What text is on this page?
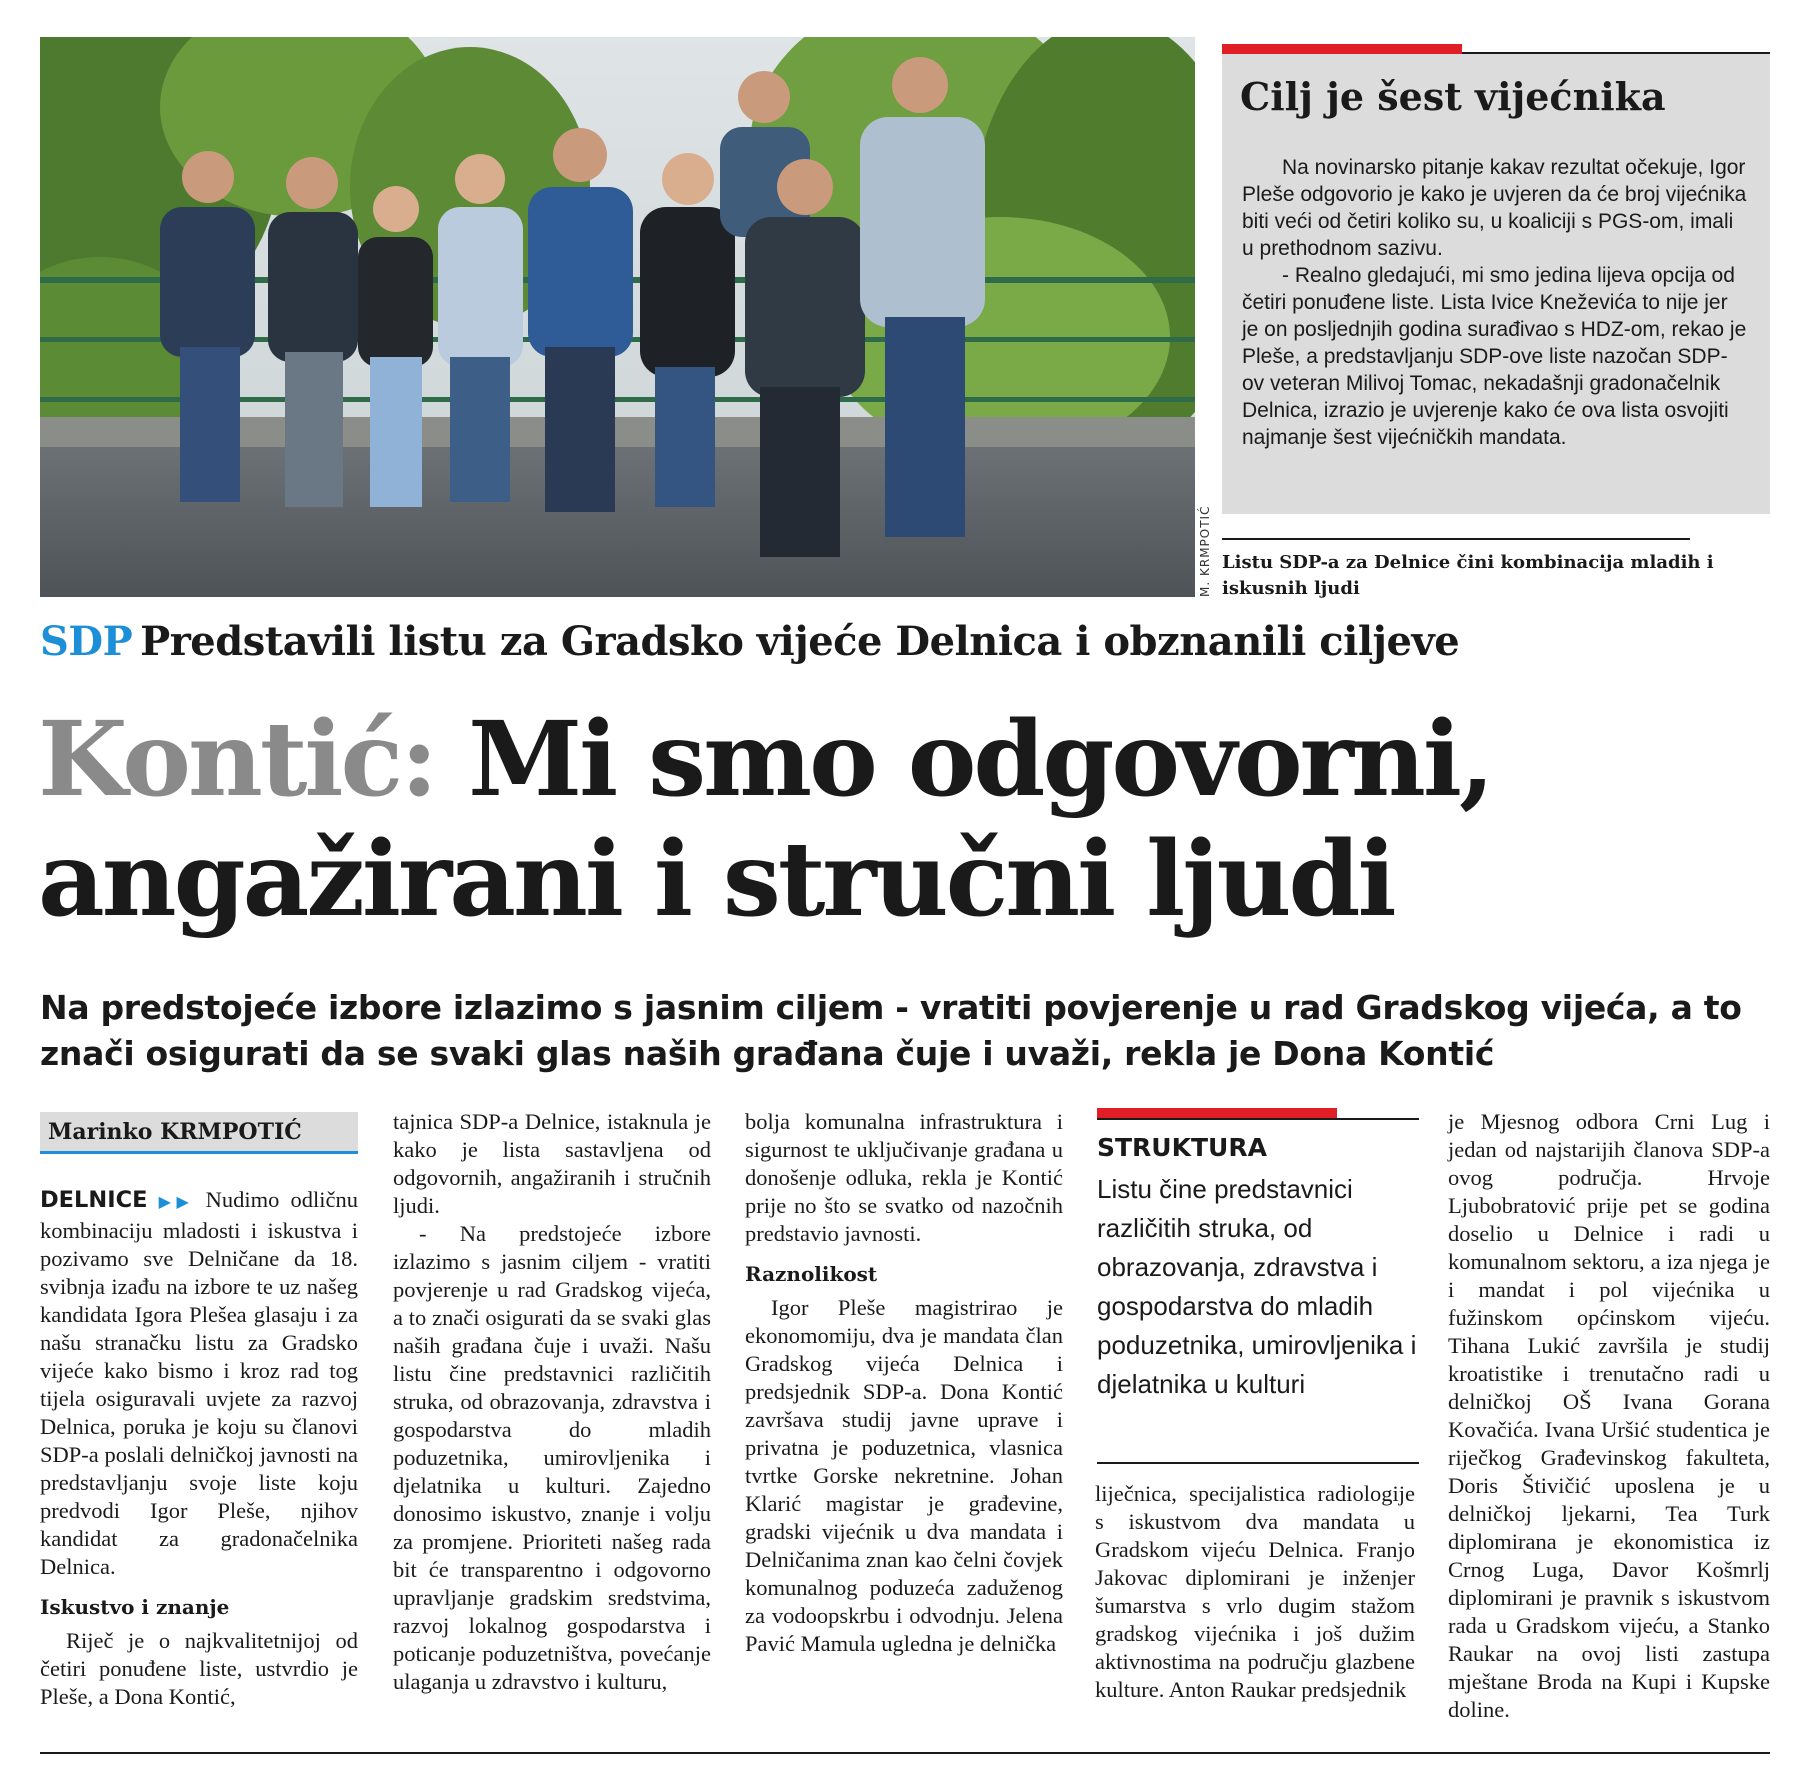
M. KRMPOTIĆ
Cilj je šest vijećnika

Na novinarsko pitanje kakav rezultat očekuje, Igor Pleše odgovorio je kako je uvjeren da će broj vijećnika biti veći od četiri koliko su, u koaliciji s PGS-om, imali u prethodnom sazivu.

- Realno gledajući, mi smo jedina lijeva opcija od četiri ponuđene liste. Lista Ivice Kneževića to nije jer je on posljednjih godina surađivao s HDZ-om, rekao je Pleše, a predstavljanju SDP-ove liste nazočan SDP-ov veteran Milivoj Tomac, nekadašnji gradonačelnik Delnica, izrazio je uvjerenje kako će ova lista osvojiti najmanje šest vijećničkih mandata.

Listu SDP-a za Delnice čini kombinacija mladih i iskusnih ljudi
SDP Predstavili listu za Gradsko vijeće Delnica i obznanili ciljeve
Kontić: Mi smo odgovorni,
angažirani i stručni ljudi
Na predstojeće izbore izlazimo s jasnim ciljem - vratiti povjerenje u rad Gradskog vijeća, a to znači osigurati da se svaki glas naših građana čuje i uvaži, rekla je Dona Kontić
Marinko KRMPOTIĆ

DELNICE ▶▶ Nudimo odličnu kombinaciju mladosti i iskustva i pozivamo sve Delničane da 18. svibnja izađu na izbore te uz našeg kandidata Igora Plešea glasaju i za našu stranačku listu za Gradsko vijeće kako bismo i kroz rad tog tijela osiguravali uvjete za razvoj Delnica, poruka je koju su članovi SDP-a poslali delničkoj javnosti na predstavljanju svoje liste koju predvodi Igor Pleše, njihov kandidat za gradonačelnika Delnica.

Iskustvo i znanje

Riječ je o najkvalitetnijoj od četiri ponuđene liste, ustvrdio je Pleše, a Dona Kontić,

tajnica SDP-a Delnice, istaknula je kako je lista sastavljena od odgovornih, angažiranih i stručnih ljudi.

- Na predstojeće izbore izlazimo s jasnim ciljem - vratiti povjerenje u rad Gradskog vijeća, a to znači osigurati da se svaki glas naših građana čuje i uvaži. Našu listu čine predstavnici različitih struka, od obrazovanja, zdravstva i gospodarstva do mladih poduzetnika, umirovljenika i djelatnika u kulturi. Zajedno donosimo iskustvo, znanje i volju za promjene. Prioriteti našeg rada bit će transparentno i odgovorno upravljanje gradskim sredstvima, razvoj lokalnog gospodarstva i poticanje poduzetništva, povećanje ulaganja u zdravstvo i kulturu,

bolja komunalna infrastruktura i sigurnost te uključivanje građana u donošenje odluka, rekla je Kontić prije no što se svatko od nazočnih predstavio javnosti.

Raznolikost

Igor Pleše magistrirao je ekonomomiju, dva je mandata član Gradskog vijeća Delnica i predsjednik SDP-a. Dona Kontić završava studij javne uprave i privatna je poduzetnica, vlasnica tvrtke Gorske nekretnine. Johan Klarić magistar je građevine, gradski vijećnik u dva mandata i Delničanima znan kao čelni čovjek komunalnog poduzeća zaduženog za vodoopskrbu i odvodnju. Jelena Pavić Mamula ugledna je delnička

STRUKTURA
Listu čine predstavnici različitih struka, od obrazovanja, zdravstva i gospodarstva do mladih poduzetnika, umirovljenika i djelatnika u kulturi

liječnica, specijalistica radiologije s iskustvom dva mandata u Gradskom vijeću Delnica. Franjo Jakovac diplomirani je inženjer šumarstva s vrlo dugim stažom gradskog vijećnika i još dužim aktivnostima na području glazbene kulture. Anton Raukar predsjednik

je Mjesnog odbora Crni Lug i jedan od najstarijih članova SDP-a ovog područja. Hrvoje Ljubobratović prije pet se godina doselio u Delnice i radi u komunalnom sektoru, a iza njega je i mandat i pol vijećnika u fužinskom općinskom vijeću. Tihana Lukić završila je studij kroatistike i trenutačno radi u delničkoj OŠ Ivana Gorana Kovačića. Ivana Uršić studentica je riječkog Građevinskog fakulteta, Doris Štivičić uposlena je u delničkoj ljekarni, Tea Turk diplomirana je ekonomistica iz Crnog Luga, Davor Košmrlj diplomirani je pravnik s iskustvom rada u Gradskom vijeću, a Stanko Raukar na ovoj listi zastupa mještane Broda na Kupi i Kupske doline.
